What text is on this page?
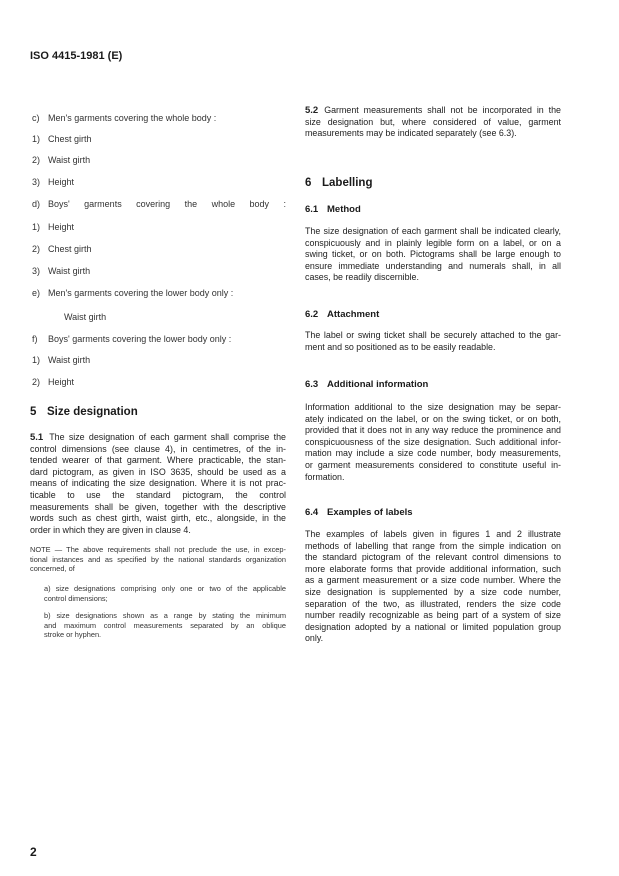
ISO 4415-1981 (E)
c) Men's garments covering the whole body :
1) Chest girth
2) Waist girth
3) Height
d) Boys' garments covering the whole body :
1) Height
2) Chest girth
3) Waist girth
e) Men's garments covering the lower body only :
Waist girth
f) Boys' garments covering the lower body only :
1) Waist girth
2) Height
5 Size designation
5.1 The size designation of each garment shall comprise the
control dimensions (see clause 4), in centimetres, of the in-
tended wearer of that garment. Where practicable, the stan-
dard pictogram, as given in ISO 3635, should be used as a
means of indicating the size designation. Where it is not prac-
ticable to use the standard pictogram, the control
measurements shall be given, together with the descriptive
words such as chest girth, waist girth, etc., alongside, in the
order in which they are given in clause 4.
NOTE — The above requirements shall not preclude the use, in excep-
tional instances and as specified by the national standards organization
concerned, of
a) size designations comprising only one or two of the applicable
control dimensions;
b) size designations shown as a range by stating the minimum
and maximum control measurements separated by an oblique
stroke or hyphen.
5.2 Garment measurements shall not be incorporated in the
size designation but, where considered of value, garment
measurements may be indicated separately (see 6.3).
6 Labelling
6.1 Method
The size designation of each garment shall be indicated clearly,
conspicuously and in plainly legible form on a label, or on a
swing ticket, or on both. Pictograms shall be large enough to
ensure immediate understanding and numerals shall, in all
cases, be readily discernible.
6.2 Attachment
The label or swing ticket shall be securely attached to the gar-
ment and so positioned as to be easily readable.
6.3 Additional information
Information additional to the size designation may be separ-
ately indicated on the label, or on the swing ticket, or on both,
provided that it does not in any way reduce the prominence and
conspicuousness of the size designation. Such additional infor-
mation may include a size code number, body measurements,
or garment measurements considered to constitute useful in-
formation.
6.4 Examples of labels
The examples of labels given in figures 1 and 2 illustrate
methods of labelling that range from the simple indication on
the standard pictogram of the relevant control dimensions to
more elaborate forms that provide additional information, such
as a garment measurement or a size code number. Where the
size designation is supplemented by a size code number,
separation of the two, as illustrated, renders the size code
number readily recognizable as being part of a system of size
designation adopted by a national or limited population group
only.
2
